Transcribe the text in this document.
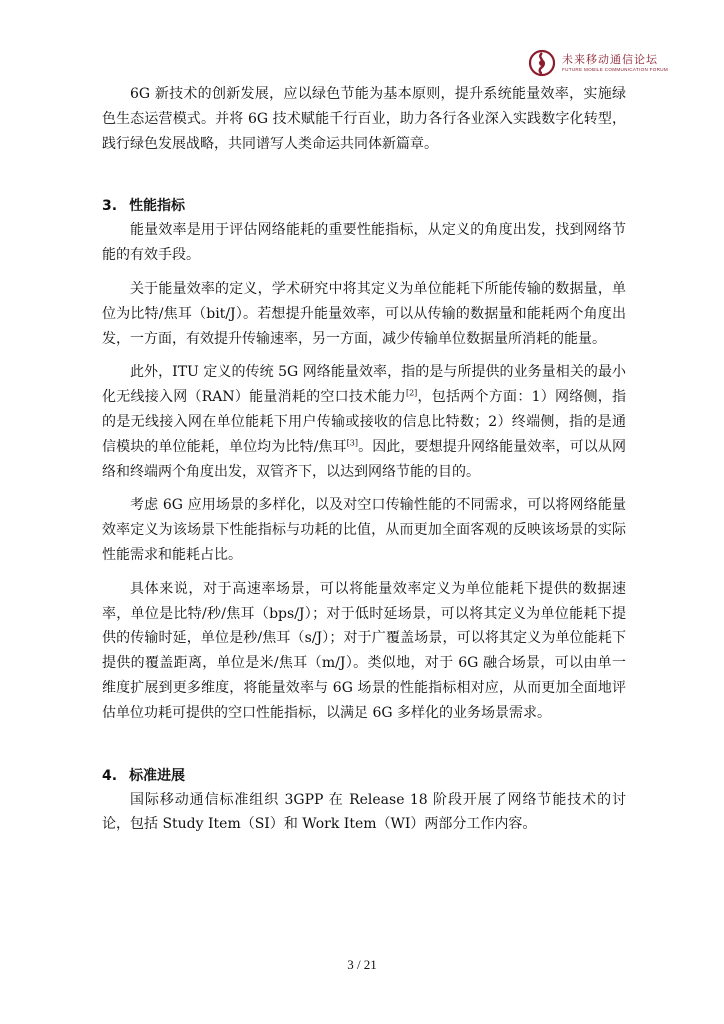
未来移动通信论坛
FUTURE MOBILE COMMUNICATION FORUM

6G 新技术的创新发展，应以绿色节能为基本原则，提升系统能量效率，实施绿色生态运营模式。并将 6G 技术赋能千行百业，助力各行各业深入实践数字化转型，践行绿色发展战略，共同谱写人类命运共同体新篇章。

3. 性能指标

能量效率是用于评估网络能耗的重要性能指标，从定义的角度出发，找到网络节能的有效手段。

关于能量效率的定义，学术研究中将其定义为单位能耗下所能传输的数据量，单位为比特/焦耳（bit/J）。若想提升能量效率，可以从传输的数据量和能耗两个角度出发，一方面，有效提升传输速率，另一方面，减少传输单位数据量所消耗的能量。

此外，ITU 定义的传统 5G 网络能量效率，指的是与所提供的业务量相关的最小化无线接入网（RAN）能量消耗的空口技术能力[2]，包括两个方面：1）网络侧，指的是无线接入网在单位能耗下用户传输或接收的信息比特数；2）终端侧，指的是通信模块的单位能耗，单位均为比特/焦耳[3]。因此，要想提升网络能量效率，可以从网络和终端两个角度出发，双管齐下，以达到网络节能的目的。

考虑 6G 应用场景的多样化，以及对空口传输性能的不同需求，可以将网络能量效率定义为该场景下性能指标与功耗的比值，从而更加全面客观的反映该场景的实际性能需求和能耗占比。

具体来说，对于高速率场景，可以将能量效率定义为单位能耗下提供的数据速率，单位是比特/秒/焦耳（bps/J）；对于低时延场景，可以将其定义为单位能耗下提供的传输时延，单位是秒/焦耳（s/J）；对于广覆盖场景，可以将其定义为单位能耗下提供的覆盖距离，单位是米/焦耳（m/J）。类似地，对于 6G 融合场景，可以由单一维度扩展到更多维度，将能量效率与 6G 场景的性能指标相对应，从而更加全面地评估单位功耗可提供的空口性能指标，以满足 6G 多样化的业务场景需求。

4. 标准进展

国际移动通信标准组织 3GPP 在 Release 18 阶段开展了网络节能技术的讨论，包括 Study Item（SI）和 Work Item（WI）两部分工作内容。

3 / 21
